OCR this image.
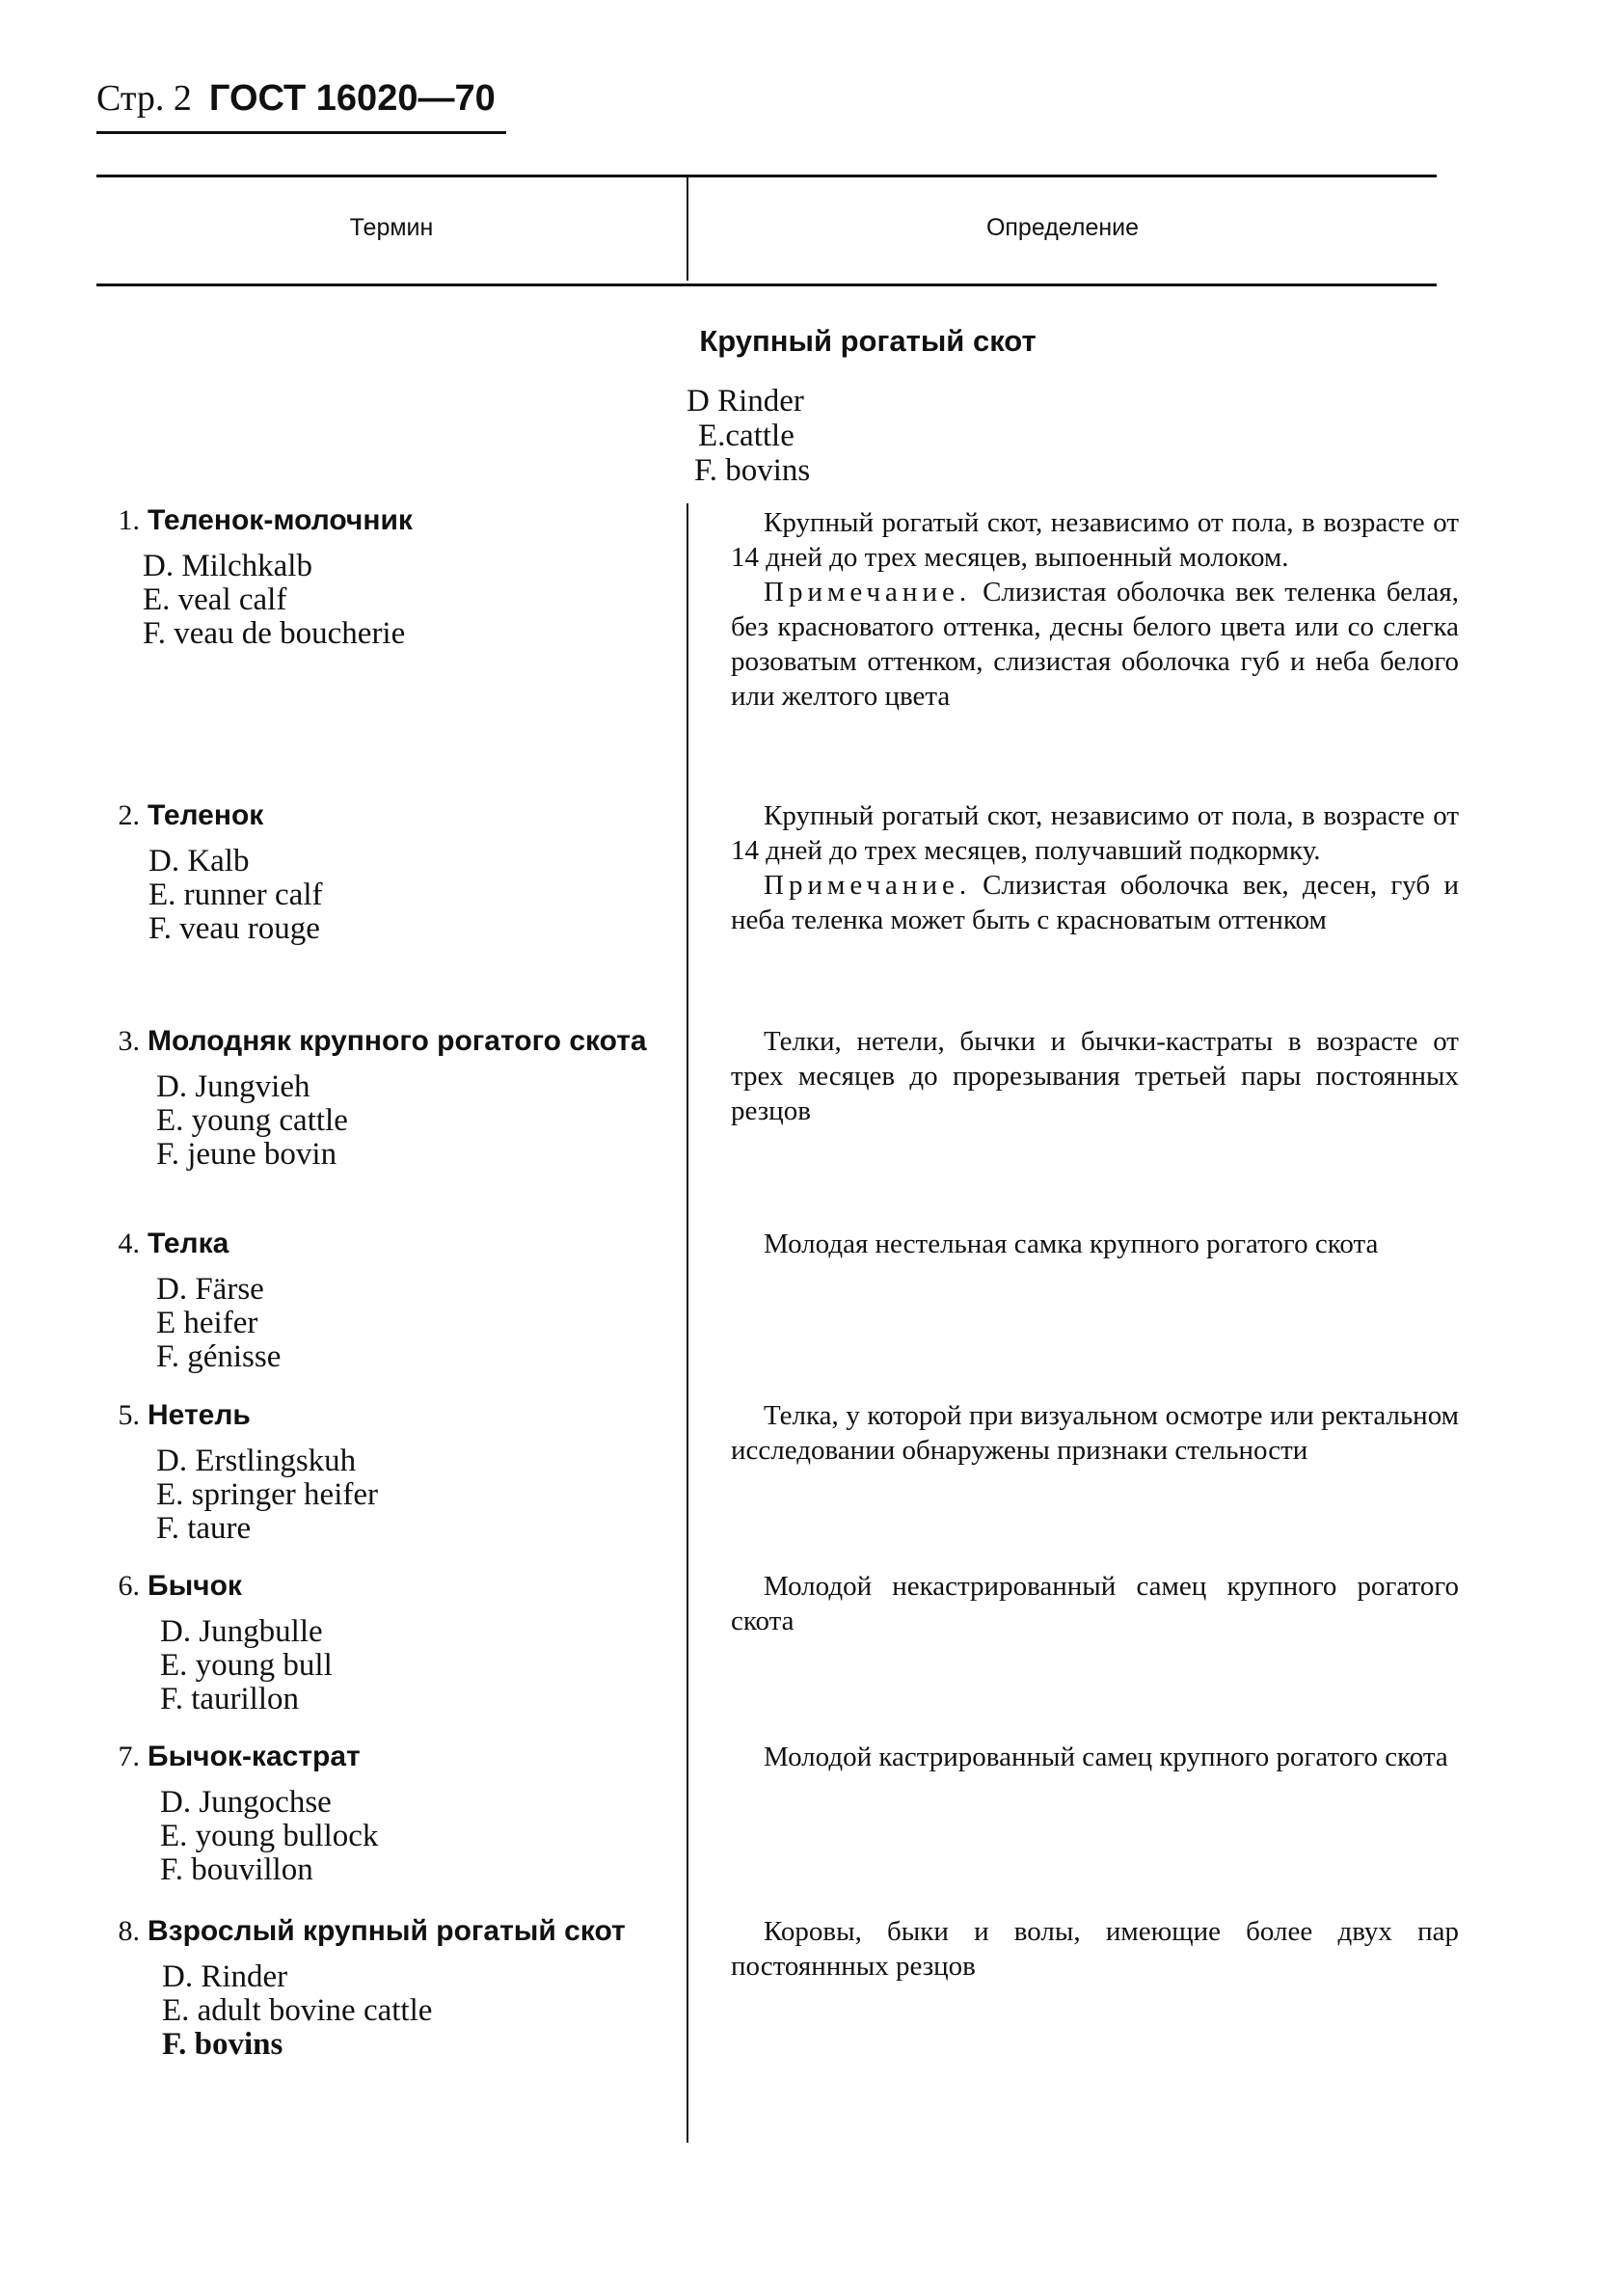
Стр. 2 ГОСТ 16020—70
Термин	Определение
Крупный рогатый скот
D Rinder
E.cattle
F. bovins
1. Теленок-молочник
D. Milchkalb
E. veal calf
F. veau de boucherie

Крупный рогатый скот, независимо от пола, в возрасте от 14 дней до трех месяцев, выпоенный молоком.

Примечание. Слизистая оболочка век теленка белая, без красноватого оттенка, десны белого цвета или со слегка розоватым оттенком, слизистая оболочка губ и неба белого или желтого цвета

2. Теленок
D. Kalb
E. runner calf
F. veau rouge

Крупный рогатый скот, независимо от пола, в возрасте от 14 дней до трех месяцев, получавший подкормку.

Примечание. Слизистая оболочка век, десен, губ и неба теленка может быть с красноватым оттенком

3. Молодняк крупного рогатого скота
D. Jungvieh
E. young cattle
F. jeune bovin

Телки, нетели, бычки и бычки-кастраты в возрасте от трех месяцев до прорезывания третьей пары постоянных резцов

4. Телка
D. Färse
E heifer
F. génisse

Молодая нестельная самка крупного рогатого скота

5. Нетель
D. Erstlingskuh
E. springer heifer
F. taure

Телка, у которой при визуальном осмотре или ректальном исследовании обнаружены признаки стельности

6. Бычок
D. Jungbulle
E. young bull
F. taurillon

Молодой некастрированный самец крупного рогатого скота

7. Бычок-кастрат
D. Jungochse
E. young bullock
F. bouvillon

Молодой кастрированный самец крупного рогатого скота

8. Взрослый крупный рогатый скот
D. Rinder
E. adult bovine cattle
F. bovins

Коровы, быки и волы, имеющие более двух пар постояннных резцов
